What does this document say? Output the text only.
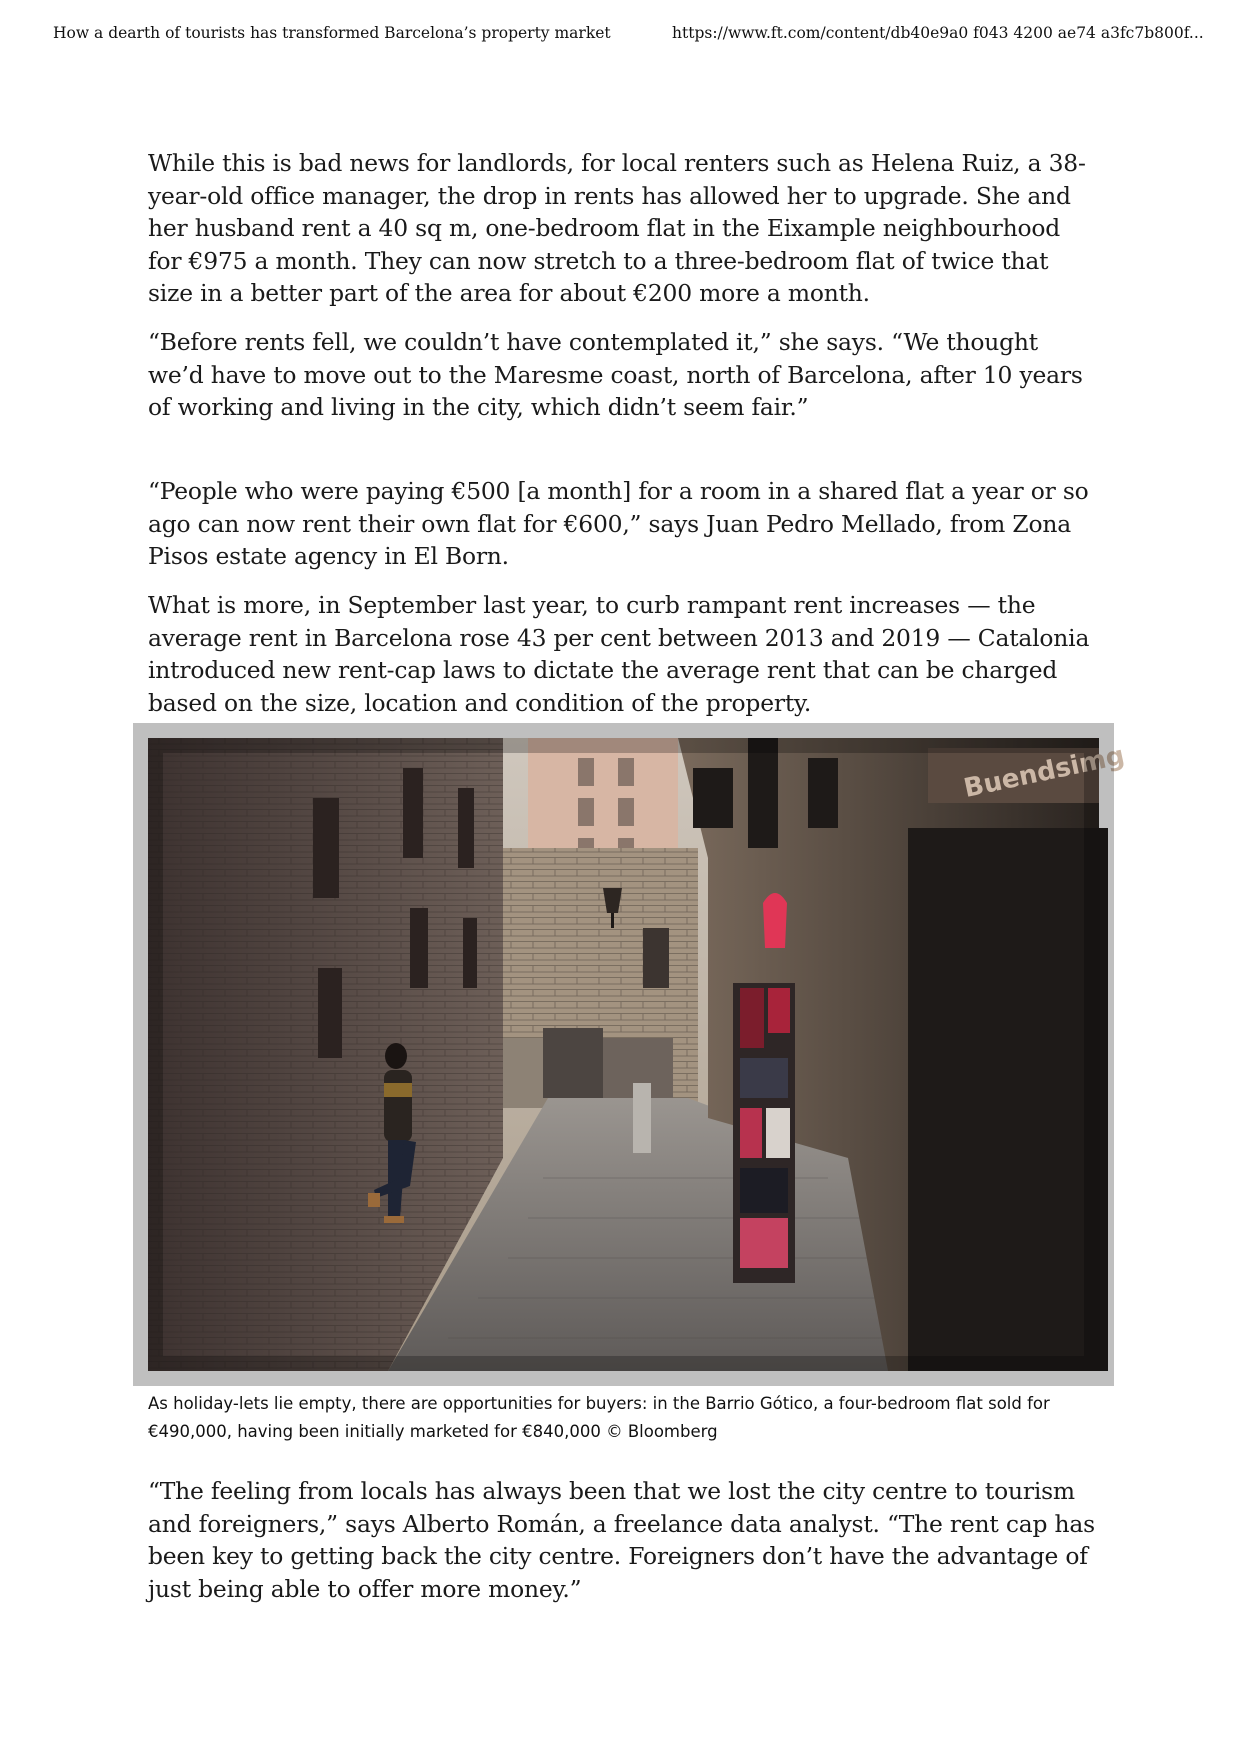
How a dearth of tourists has transformed Barcelona’s property market	https://www.ft.com/content/db40e9a0 f043 4200 ae74 a3fc7b800f...

While this is bad news for landlords, for local renters such as Helena Ruiz, a 38-year-old office manager, the drop in rents has allowed her to upgrade. She and her husband rent a 40 sq m, one-bedroom flat in the Eixample neighbourhood for €975 a month. They can now stretch to a three-bedroom flat of twice that size in a better part of the area for about €200 more a month.

“Before rents fell, we couldn’t have contemplated it,” she says. “We thought we’d have to move out to the Maresme coast, north of Barcelona, after 10 years of working and living in the city, which didn’t seem fair.”

“People who were paying €500 [a month] for a room in a shared flat a year or so ago can now rent their own flat for €600,” says Juan Pedro Mellado, from Zona Pisos estate agency in El Born.

What is more, in September last year, to curb rampant rent increases — the average rent in Barcelona rose 43 per cent between 2013 and 2019 — Catalonia introduced new rent-cap laws to dictate the average rent that can be charged based on the size, location and condition of the property.

Buendsimg
As holiday-lets lie empty, there are opportunities for buyers: in the Barrio Gótico, a four-bedroom flat sold for €490,000, having been initially marketed for €840,000 © Bloomberg

“The feeling from locals has always been that we lost the city centre to tourism and foreigners,” says Alberto Román, a freelance data analyst. “The rent cap has been key to getting back the city centre. Foreigners don’t have the advantage of just being able to offer more money.”
